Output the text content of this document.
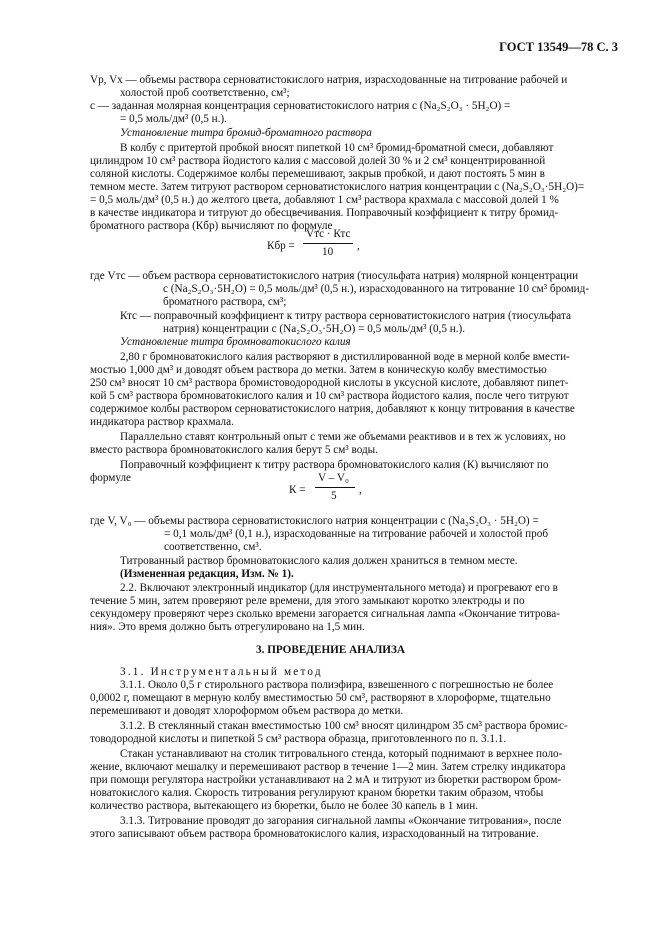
ГОСТ 13549—78 С. 3
Vp, Vx — объемы раствора серноватистокислого натрия, израсходованные на титрование рабочей и
холостой проб соответственно, см³;
с — заданная молярная концентрация серноватистокислого натрия с (Na₂S₂O₃ · 5H₂O) =
= 0,5 моль/дм³ (0,5 н.).
Установление титра бромид-броматного раствора
В колбу с притертой пробкой вносят пипеткой 10 см³ бромид-броматной смеси, добавляют
цилиндром 10 см³ раствора йодистого калия с массовой долей 30 % и 2 см³ концентрированной
соляной кислоты. Содержимое колбы перемешивают, закрыв пробкой, и дают постоять 5 мин в
темном месте. Затем титруют раствором серноватистокислого натрия концентрации с (Na₂S₂O₃·5H₂O)=
= 0,5 моль/дм³ (0,5 н.) до желтого цвета, добавляют 1 см³ раствора крахмала с массовой долей 1 %
в качестве индикатора и титруют до обесцвечивания. Поправочный коэффициент к титру бромид-
броматного раствора (Кбр) вычисляют по формуле
где Vтс — объем раствора серноватистокислого натрия (тиосульфата натрия) молярной концентрации
с (Na₂S₂O₃·5H₂O) = 0,5 моль/дм³ (0,5 н.), израсходованного на титрование 10 см³ бромид-
броматного раствора, см³;
Ктс — поправочный коэффициент к титру раствора серноватистокислого натрия (тиосульфата
натрия) концентрации с (Na₂S₂O₃·5H₂O) = 0,5 моль/дм³ (0,5 н.).
Установление титра бромноватокислого калия
2,80 г бромноватокислого калия растворяют в дистиллированной воде в мерной колбе вмести-
мостью 1,000 дм³ и доводят объем раствора до метки. Затем в коническую колбу вместимостью
250 см³ вносят 10 см³ раствора бромистоводородной кислоты в уксусной кислоте, добавляют пипет-
кой 5 см³ раствора бромноватокислого калия и 10 см³ раствора йодистого калия, после чего титруют
содержимое колбы раствором серноватистокислого натрия, добавляют к концу титрования в качестве
индикатора раствор крахмала.
Параллельно ставят контрольный опыт с теми же объемами реактивов и в тех ж условиях, но
вместо раствора бромноватокислого калия берут 5 см³ воды.
Поправочный коэффициент к титру раствора бромноватокислого калия (К) вычисляют по
формуле
где V, V₀ — объемы раствора серноватистокислого натрия концентрации с (Na₂S₂O₃ · 5H₂O) =
= 0,1 моль/дм³ (0,1 н.), израсходованные на титрование рабочей и холостой проб
соответственно, см³.
Титрованный раствор бромноватокислого калия должен храниться в темном месте.
(Измененная редакция, Изм. № 1).
2.2. Включают электронный индикатор (для инструментального метода) и прогревают его в
течение 5 мин, затем проверяют реле времени, для этого замыкают коротко электроды и по
секундомеру проверяют через сколько времени загорается сигнальная лампа «Окончание титрова-
ния». Это время должно быть отрегулировано на 1,5 мин.
3. ПРОВЕДЕНИЕ АНАЛИЗА
3.1. Инструментальный метод
3.1.1. Около 0,5 г стирольного раствора полиэфира, взвешенного с погрешностью не более
0,0002 г, помещают в мерную колбу вместимостью 50 см³, растворяют в хлороформе, тщательно
перемешивают и доводят хлороформом объем раствора до метки.
3.1.2. В стеклянный стакан вместимостью 100 см³ вносят цилиндром 35 см³ раствора бромис-
товодородной кислоты и пипеткой 5 см³ раствора образца, приготовленного по п. 3.1.1.
Стакан устанавливают на столик титровального стенда, который поднимают в верхнее поло-
жение, включают мешалку и перемешивают раствор в течение 1—2 мин. Затем стрелку индикатора
при помощи регулятора настройки устанавливают на 2 мА и титруют из бюретки раствором бром-
новатокислого калия. Скорость титрования регулируют краном бюретки таким образом, чтобы
количество раствора, вытекающего из бюретки, было не более 30 капель в 1 мин.
3.1.3. Титрование проводят до загорания сигнальной лампы «Окончание титрования», после
этого записывают объем раствора бромноватокислого калия, израсходованный на титрование.
Кбр =
Vтс · Ктс
10 ,
К =
V – V₀
5 ,
